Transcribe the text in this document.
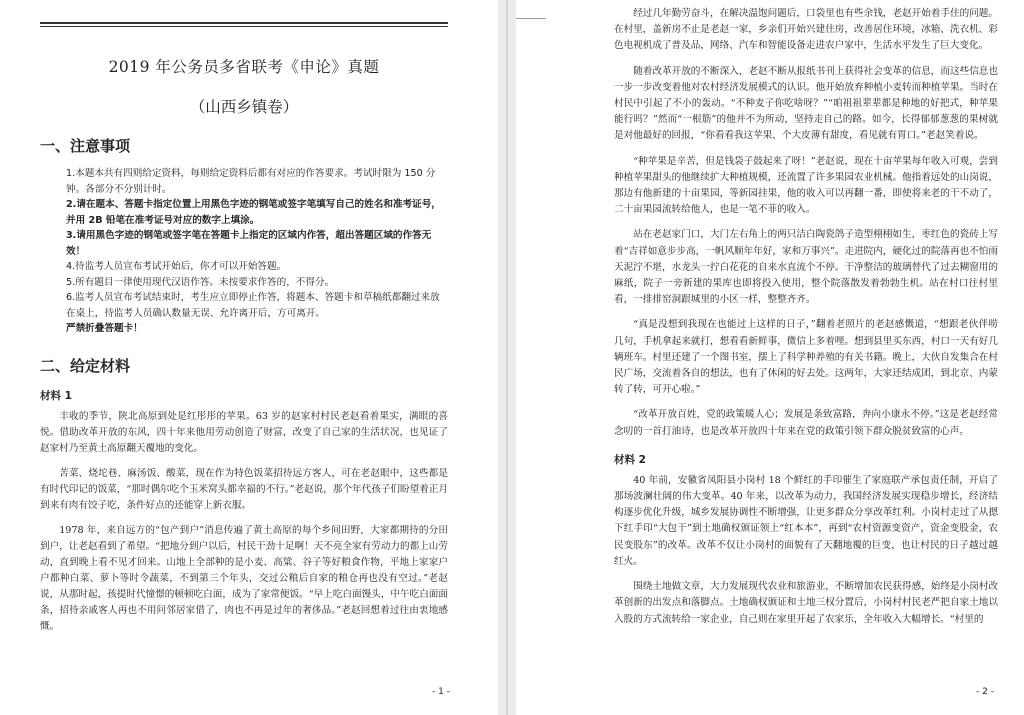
2019 年公务员多省联考《申论》真题
（山西乡镇卷）
一、注意事项
1.本题本共有四则给定资料，每则给定资料后都有对应的作答要求。考试时限为 150 分钟。各部分不分别计时。
2.请在题本、答题卡指定位置上用黑色字迹的钢笔或签字笔填写自己的姓名和准考证号，并用 2B 铅笔在准考证号对应的数字上填涂。
3.请用黑色字迹的钢笔或签字笔在答题卡上指定的区域内作答，超出答题区域的作答无效！
4.待监考人员宣布考试开始后，你才可以开始答题。
5.所有题目一律使用现代汉语作答。未按要求作答的，不得分。
6.监考人员宣布考试结束时，考生应立即停止作答，将题本、答题卡和草稿纸都翻过来放在桌上，待监考人员确认数量无误、允许离开后，方可离开。
严禁折叠答题卡！
二、给定材料
材料 1

丰收的季节，陕北高原到处是红彤彤的苹果。63 岁的赵家村村民老赵看着果实，满眼的喜悦。借助改革开放的东风，四十年来他用劳动创造了财富，改变了自己家的生活状况，也见证了赵家村乃至黄土高原翻天覆地的变化。

苦菜、烧坨巷、麻汤饭、酸菜，现在作为特色饭菜招待远方客人，可在老赵眼中，这些都是有时代印记的饭菜，“那时偶尔吃个玉米窝头都幸福的不行。”老赵说，那个年代孩子们盼望着正月到来有肉有饺子吃，条件好点的还能穿上新衣服。

1978 年，来自远方的“包产到户”消息传遍了黄土高原的每个乡间田野，大家都期待的分田到户，让老赵看到了希望。“把地分到户以后，村民干劲十足啊！天不亮全家有劳动力的都上山劳动，直到晚上看不见才回来。山地上全部种的是小麦、高粱、谷子等好粮食作物，平地上家家户户都种白菜、萝卜等时令蔬菜，不到第三个年头，交过公粮后自家的粮仓再也没有空过。”老赵说，从那时起，孩提时代憧憬的顿顿吃白面，成为了家常便饭。“早上吃白面馒头，中午吃白面面条，招待亲戚客人再也不用问邻居家借了，肉也不再是过年的奢侈品。”老赵回想着过往由衷地感慨。

- 1 -

经过几年勤劳奋斗，在解决温饱问题后，口袋里也有些余钱，老赵开始着手住的问题。在村里，盖新房不止是老赵一家，乡亲们开始兴建住房，改善居住环境，冰箱、洗衣机、彩色电视机成了普及品，网络、汽车和智能设备走进农户家中，生活水平发生了巨大变化。

随着改革开放的不断深入，老赵不断从报纸书刊上获得社会变革的信息，而这些信息也一步一步改变着他对农村经济发展模式的认识。他开始放弃种植小麦转而种植苹果。当时在村民中引起了不小的轰动。“不种麦子你吃啥呀？”“咱祖祖辈辈都是种地的好把式，种苹果能行吗？”然而“一根筋”的他并不为所动，坚持走自己的路。如今，长得郁郁葱葱的果树就是对他最好的回报，“你看看我这苹果，个大皮薄有甜度，看见就有胃口。”老赵笑着说。

“种苹果是辛苦，但是钱袋子鼓起来了呀！”老赵说，现在十亩苹果每年收入可观，尝到种植苹果甜头的他继续扩大种植规模，还流置了许多果园农业机械。他指着远处的山岗说，那边有他新建的十亩果园，等新园挂果，他的收入可以再翻一番，即使将来老的干不动了，二十亩果园流转给他人，也是一笔不菲的收入。

站在老赵家门口，大门左右角上的两只洁白陶瓷鸽子造型栩栩如生，枣红色的瓷砖上写着“吉祥如意步步高，一帆风顺年年好，家和万事兴”。走进院内，硬化过的院落再也不怕雨天泥泞不堪，水龙头一拧白花花的自来水直流个不停。干净整洁的玻璃替代了过去糊窗用的麻纸，院子一旁新建的果库也即将投入使用，整个院落散发着勃勃生机。站在村口往村里看，一排排窑洞跟城里的小区一样，整整齐齐。

“真是没想到我现在也能过上这样的日子，”翻着老照片的老赵感慨道，“想跟老伙伴唠几句，手机拿起来就打，想看看新鲜事，微信上多着哩。想到县里买东西，村口一天有好几辆班车。村里还建了一个图书室，摆上了科学种养殖的有关书籍。晚上，大伙自发集合在村民广场，交流着各自的想法，也有了休闲的好去处。这两年，大家还结成团，到北京、内蒙转了转，可开心啦。”

“改革开放百姓，党的政策暖人心；发展是条致富路，奔向小康永不停。”这是老赵经常念叨的一首打油诗，也是改革开放四十年来在党的政策引领下群众脱贫致富的心声。

材料 2

40 年前，安徽省凤阳县小岗村 18 个鲜红的手印催生了家庭联产承包责任制，开启了那场波澜壮阔的伟大变革。40 年来，以改革为动力，我国经济发展实现稳步增长，经济结构逐步优化升级，城乡发展协调性不断增强，让更多群众分享改革红利。小岗村走过了从摁下红手印“大包干”到土地确权颁证领上“红本本”，再到“农村资源变资产，资金变股金，农民变股东”的改革。改革不仅让小岗村的面貌有了天翻地覆的巨变，也让村民的日子越过越红火。

围绕土地做文章，大力发展现代农业和旅游业，不断增加农民获得感，始终是小岗村改革创新的出发点和落脚点。土地确权颁证和土地三权分置后，小岗村村民老严把自家土地以入股的方式流转给一家企业，自己则在家里开起了农家乐，全年收入大幅增长。“村里的

- 2 -
